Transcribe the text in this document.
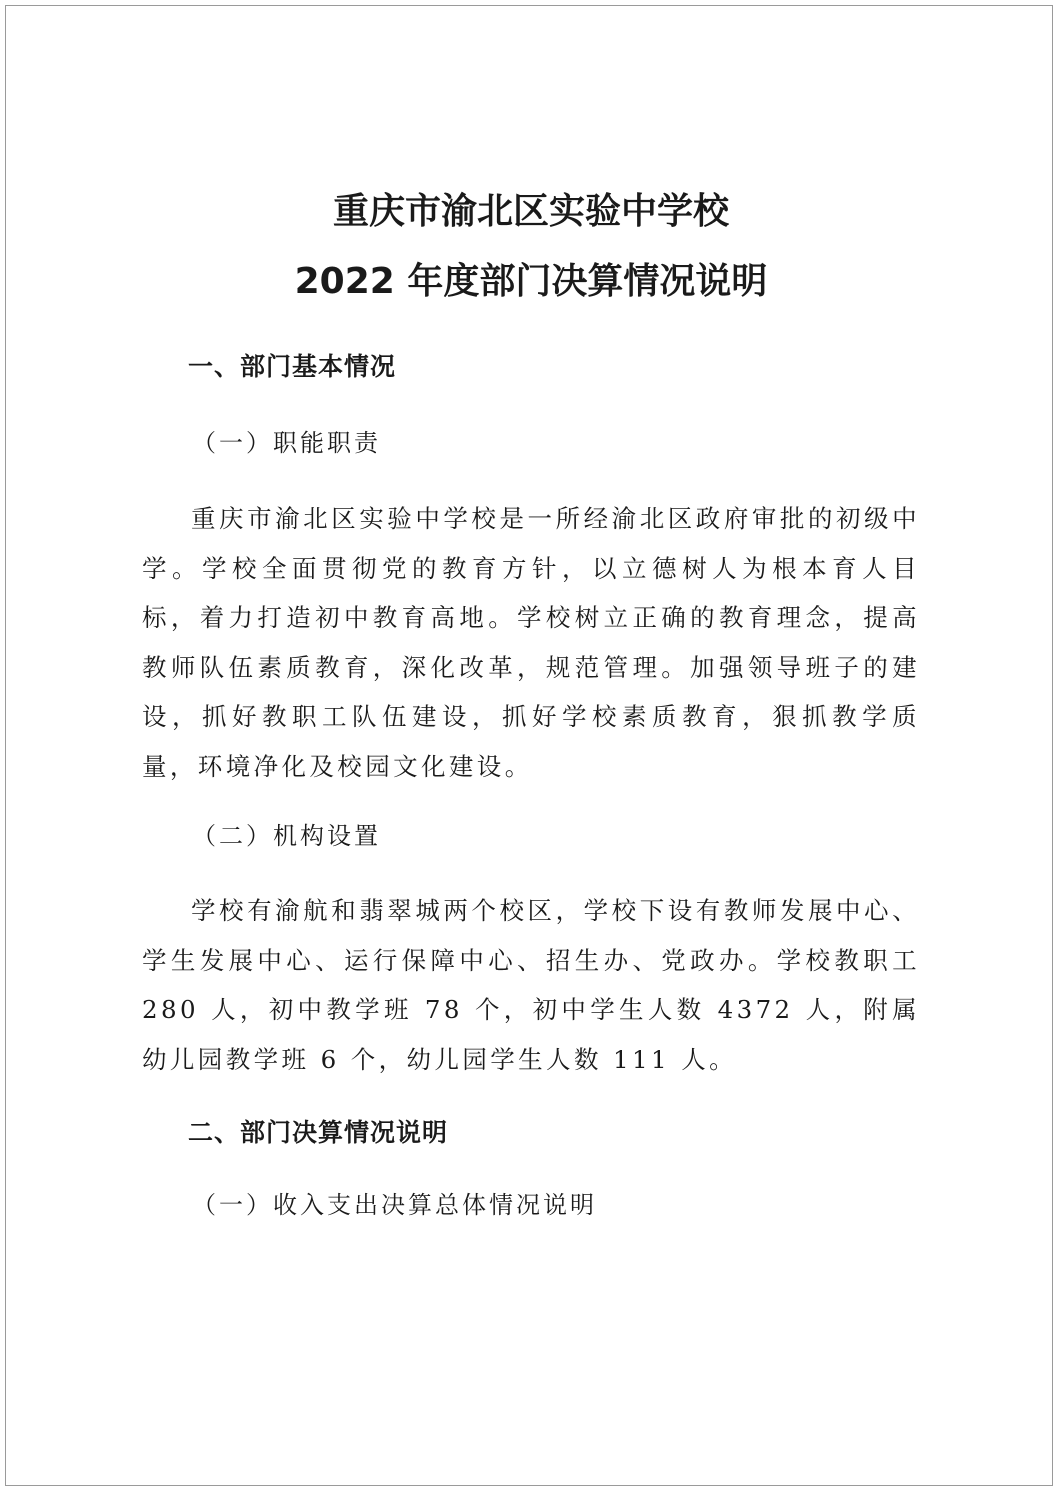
重庆市渝北区实验中学校
2022 年度部门决算情况说明
一、部门基本情况
（一）职能职责

重庆市渝北区实验中学校是一所经渝北区政府审批的初级中学。学校全面贯彻党的教育方针，以立德树人为根本育人目标，着力打造初中教育高地。学校树立正确的教育理念，提高教师队伍素质教育，深化改革，规范管理。加强领导班子的建设，抓好教职工队伍建设，抓好学校素质教育，狠抓教学质量，环境净化及校园文化建设。

（二）机构设置

学校有渝航和翡翠城两个校区，学校下设有教师发展中心、学生发展中心、运行保障中心、招生办、党政办。学校教职工 280 人，初中教学班 78 个，初中学生人数 4372 人，附属幼儿园教学班 6 个，幼儿园学生人数 111 人。

二、部门决算情况说明
（一）收入支出决算总体情况说明
